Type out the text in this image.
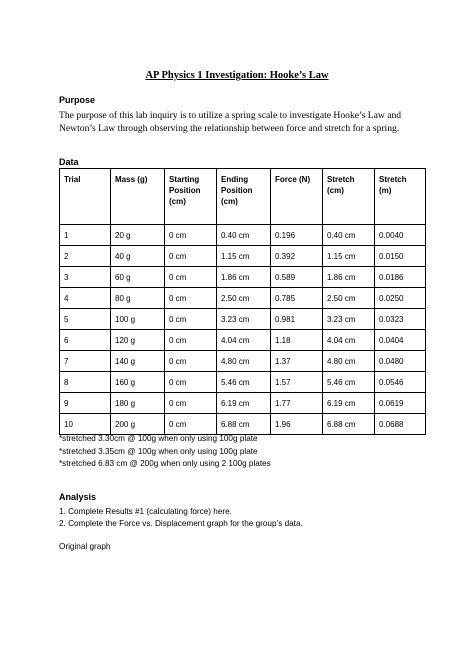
AP Physics 1 Investigation: Hooke’s Law
Purpose
The purpose of this lab inquiry is to utilize a spring scale to investigate Hooke’s Law and
Newton’s Law through observing the relationship between force and stretch for a spring.
Data
Trial	Mass (g)	Starting
Position
(cm)	Ending
Position
(cm)	Force (N)	Stretch
(cm)	Stretch
(m)

1	20 g	0 cm	0.40 cm	0.196	0.40 cm	0.0040
2	40 g	0 cm	1.15 cm	0.392	1.15 cm	0.0150
3	60 g	0 cm	1.86 cm	0.589	1.86 cm	0.0186
4	80 g	0 cm	2.50 cm	0.785	2.50 cm	0.0250
5	100 g	0 cm	3.23 cm	0.981	3.23 cm	0.0323
6	120 g	0 cm	4.04 cm	1.18	4.04 cm	0.0404
7	140 g	0 cm	4.80 cm	1.37	4.80 cm	0.0480
8	160 g	0 cm	5.46 cm	1.57	5.46 cm	0.0546
9	180 g	0 cm	6.19 cm	1.77	6.19 cm	0.0619
10	200 g	0 cm	6.88 cm	1.96	6.88 cm	0.0688
*stretched 3.30cm @ 100g when only using 100g plate
*stretched 3.35cm @ 100g when only using 100g plate
*stretched 6.83 cm @ 200g when only using 2 100g plates
Analysis
1. Complete Results #1 (calculating force) here.
2. Complete the Force vs. Displacement graph for the group’s data.
Original graph
